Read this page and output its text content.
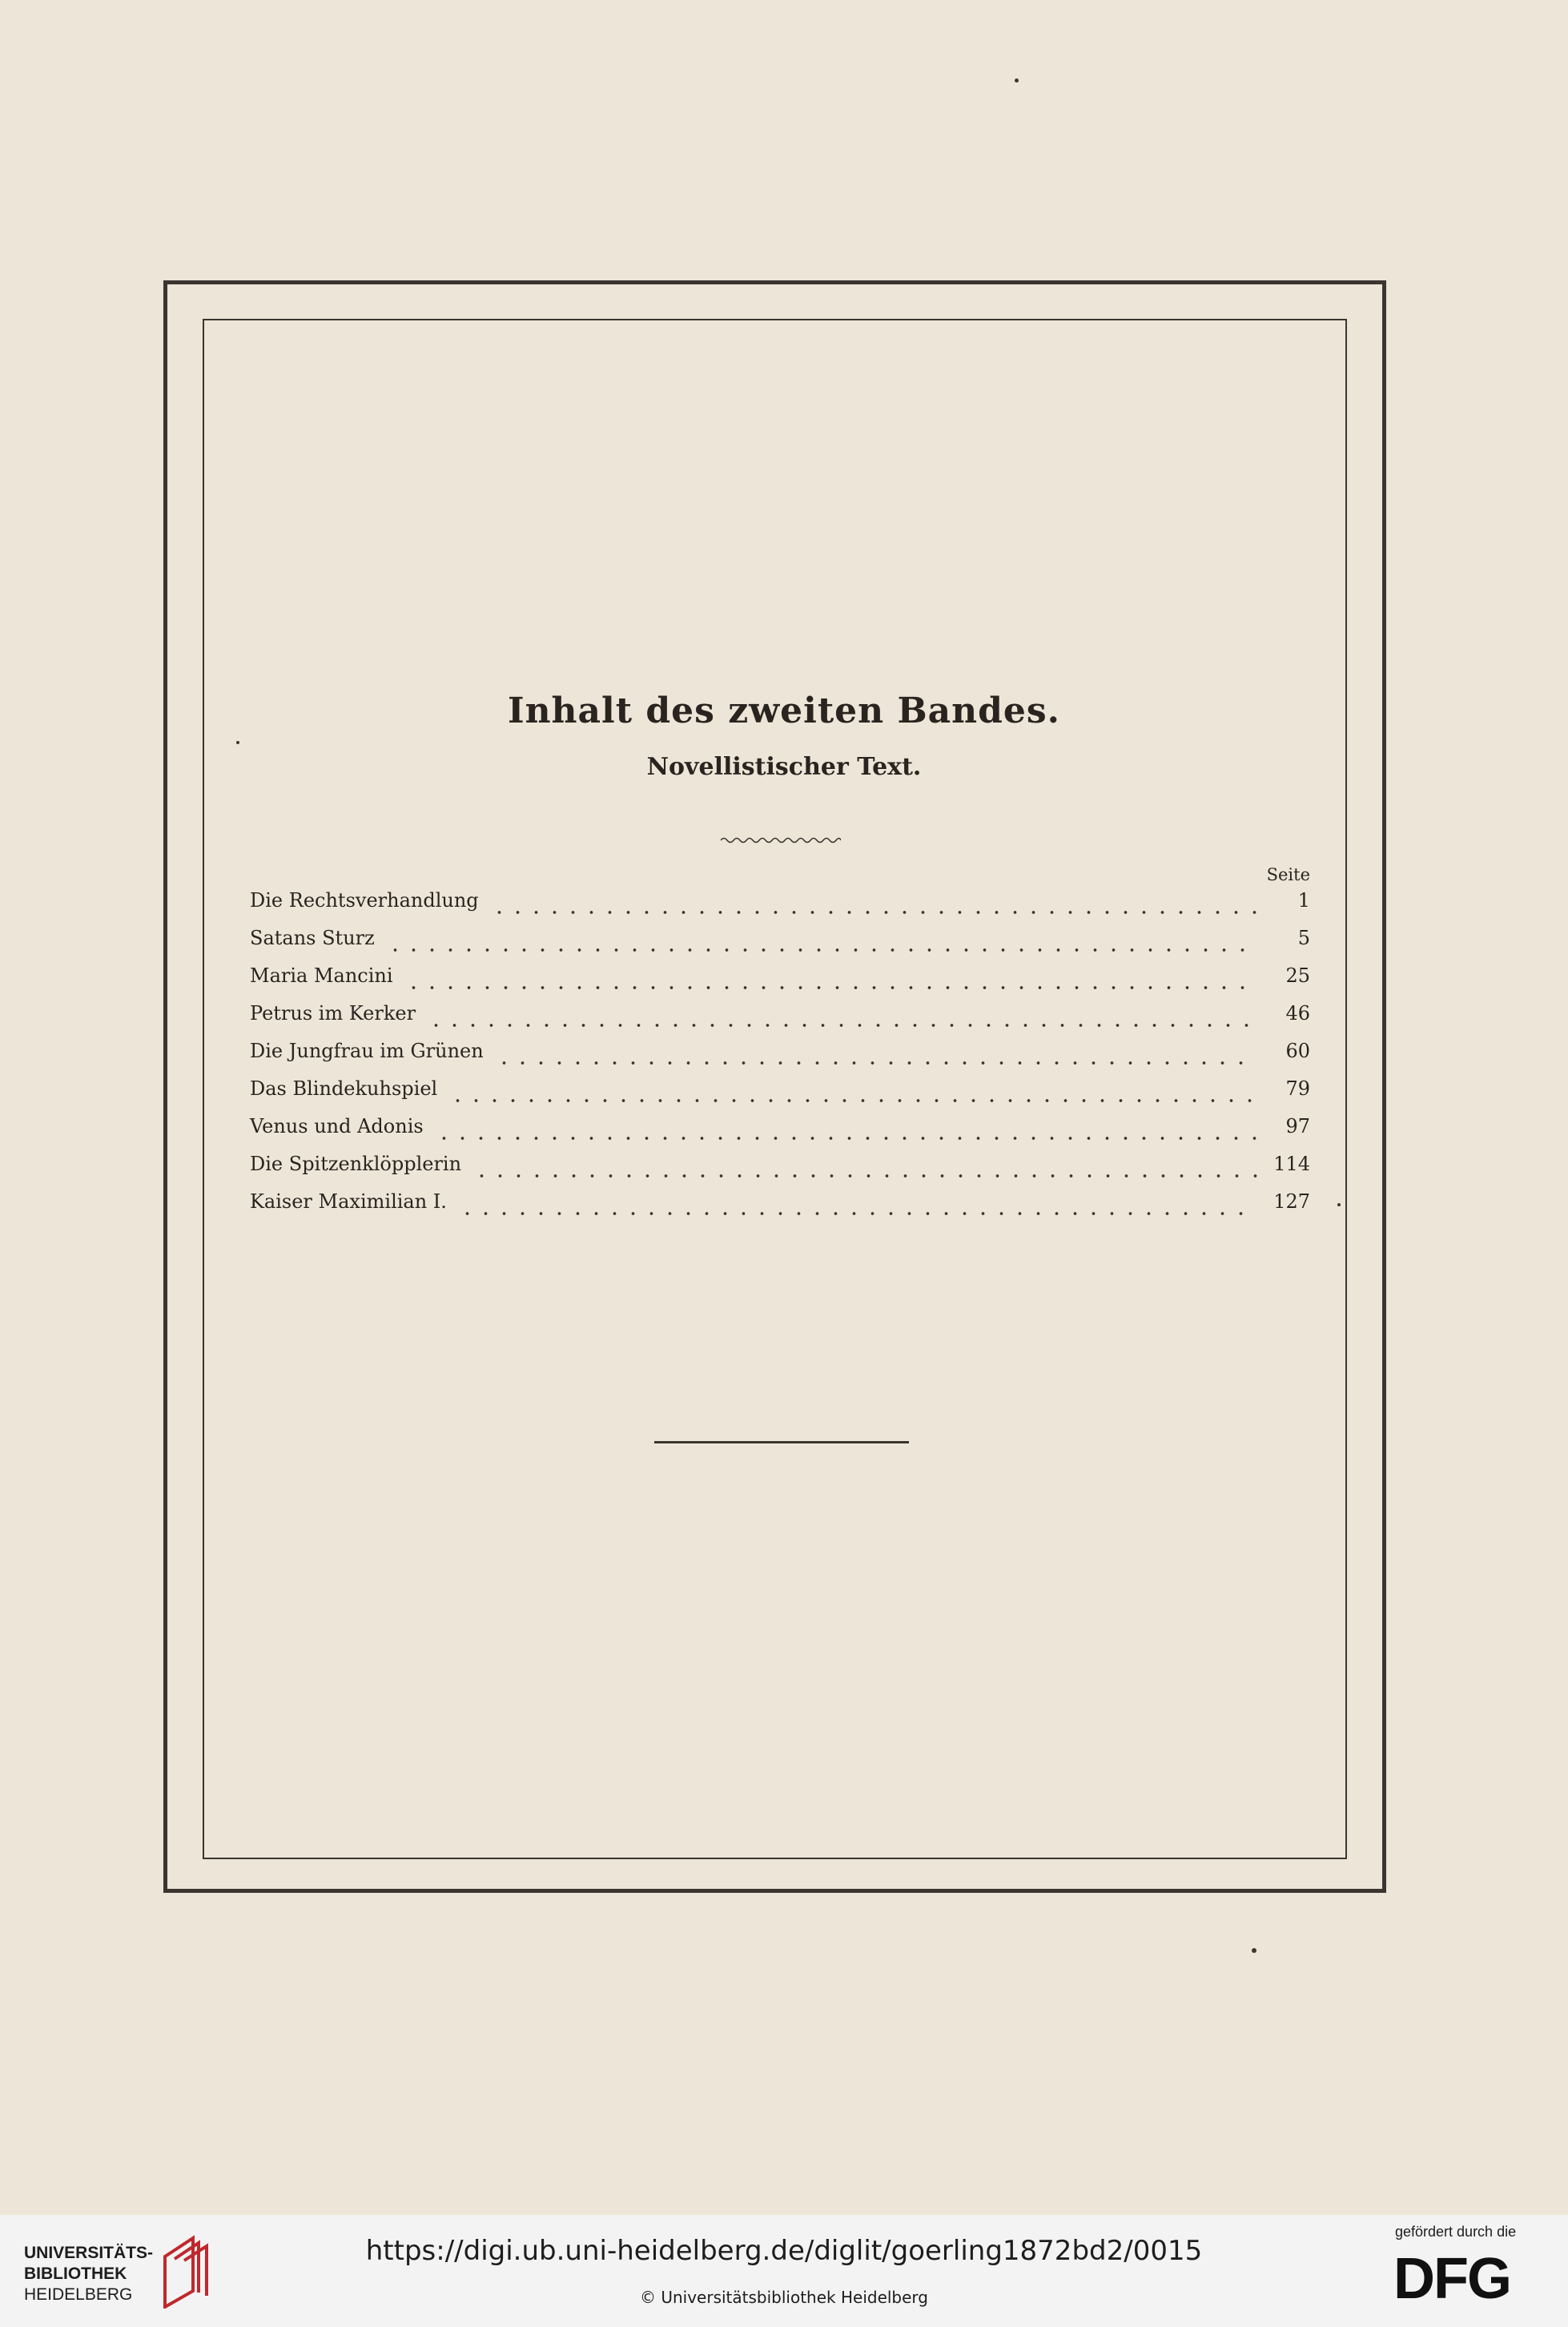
Inhalt des zweiten Bandes.
Novellistischer Text.
Seite
Die Rechtsverhandlung	1
Satans Sturz	5
Maria Mancini	25
Petrus im Kerker	46
Die Jungfrau im Grünen	60
Das Blindekuhspiel	79
Venus und Adonis	97
Die Spitzenklöpplerin	114
Kaiser Maximilian I.	127
UNIVERSITÄTS-
BIBLIOTHEK
HEIDELBERG
https://digi.ub.uni-heidelberg.de/diglit/goerling1872bd2/0015
© Universitätsbibliothek Heidelberg
gefördert durch die
DFG
